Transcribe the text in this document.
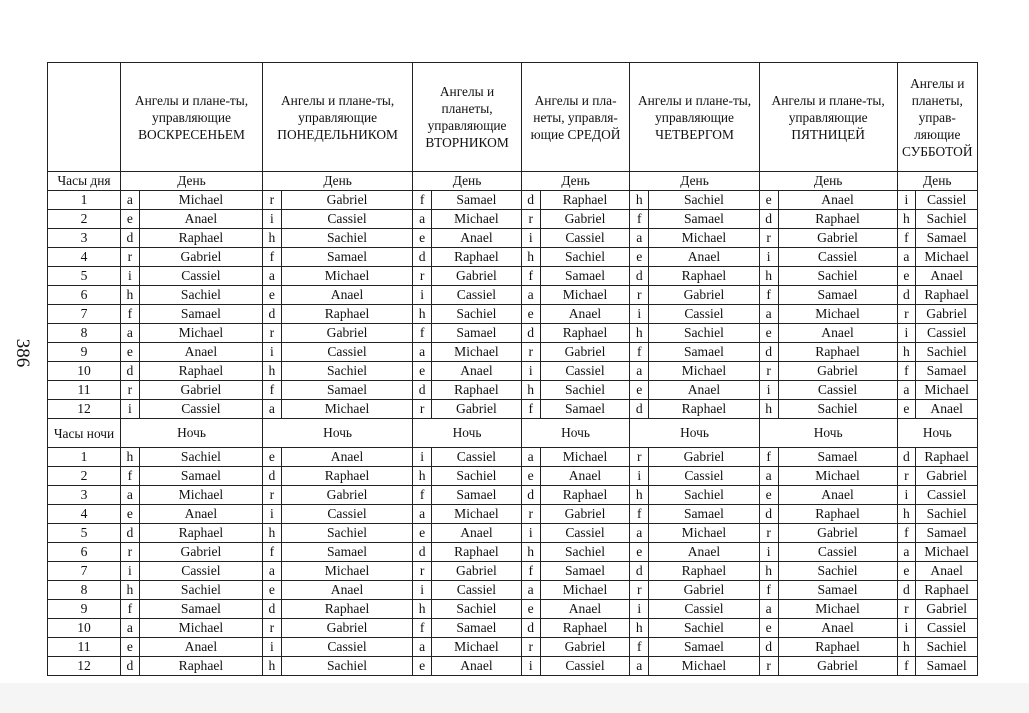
386
	Ангелы и плане-ты, управляющие ВОСКРЕСЕНЬЕМ		Ангелы и плане-ты, управляющие ПОНЕДЕЛЬНИКОМ		Ангелы и планеты, управляющие ВТОРНИКОМ		Ангелы и пла-неты, управля-ющие СРЕДОЙ		Ангелы и плане-ты, управляющие ЧЕТВЕРГОМ		Ангелы и плане-ты, управляющие ПЯТНИЦЕЙ		Ангелы и планеты, управ-ляющие СУББОТОЙ	
Часы дня	День		День		День		День		День		День		День	
1	a	Michael	r	Gabriel	f	Samael	d	Raphael	h	Sachiel	e	Anael	i	Cassiel
2	e	Anael	i	Cassiel	a	Michael	r	Gabriel	f	Samael	d	Raphael	h	Sachiel
3	d	Raphael	h	Sachiel	e	Anael	i	Cassiel	a	Michael	r	Gabriel	f	Samael
4	r	Gabriel	f	Samael	d	Raphael	h	Sachiel	e	Anael	i	Cassiel	a	Michael
5	i	Cassiel	a	Michael	r	Gabriel	f	Samael	d	Raphael	h	Sachiel	e	Anael
6	h	Sachiel	e	Anael	i	Cassiel	a	Michael	r	Gabriel	f	Samael	d	Raphael
7	f	Samael	d	Raphael	h	Sachiel	e	Anael	i	Cassiel	a	Michael	r	Gabriel
8	a	Michael	r	Gabriel	f	Samael	d	Raphael	h	Sachiel	e	Anael	i	Cassiel
9	e	Anael	i	Cassiel	a	Michael	r	Gabriel	f	Samael	d	Raphael	h	Sachiel
10	d	Raphael	h	Sachiel	e	Anael	i	Cassiel	a	Michael	r	Gabriel	f	Samael
11	r	Gabriel	f	Samael	d	Raphael	h	Sachiel	e	Anael	i	Cassiel	a	Michael
12	i	Cassiel	a	Michael	r	Gabriel	f	Samael	d	Raphael	h	Sachiel	e	Anael
Часы ночи	Ночь		Ночь		Ночь		Ночь		Ночь		Ночь		Ночь	
1	h	Sachiel	e	Anael	i	Cassiel	a	Michael	r	Gabriel	f	Samael	d	Raphael
2	f	Samael	d	Raphael	h	Sachiel	e	Anael	i	Cassiel	a	Michael	r	Gabriel
3	a	Michael	r	Gabriel	f	Samael	d	Raphael	h	Sachiel	e	Anael	i	Cassiel
4	e	Anael	i	Cassiel	a	Michael	r	Gabriel	f	Samael	d	Raphael	h	Sachiel
5	d	Raphael	h	Sachiel	e	Anael	i	Cassiel	a	Michael	r	Gabriel	f	Samael
6	r	Gabriel	f	Samael	d	Raphael	h	Sachiel	e	Anael	i	Cassiel	a	Michael
7	i	Cassiel	a	Michael	r	Gabriel	f	Samael	d	Raphael	h	Sachiel	e	Anael
8	h	Sachiel	e	Anael	i	Cassiel	a	Michael	r	Gabriel	f	Samael	d	Raphael
9	f	Samael	d	Raphael	h	Sachiel	e	Anael	i	Cassiel	a	Michael	r	Gabriel
10	a	Michael	r	Gabriel	f	Samael	d	Raphael	h	Sachiel	e	Anael	i	Cassiel
11	e	Anael	i	Cassiel	a	Michael	r	Gabriel	f	Samael	d	Raphael	h	Sachiel
12	d	Raphael	h	Sachiel	e	Anael	i	Cassiel	a	Michael	r	Gabriel	f	Samael
